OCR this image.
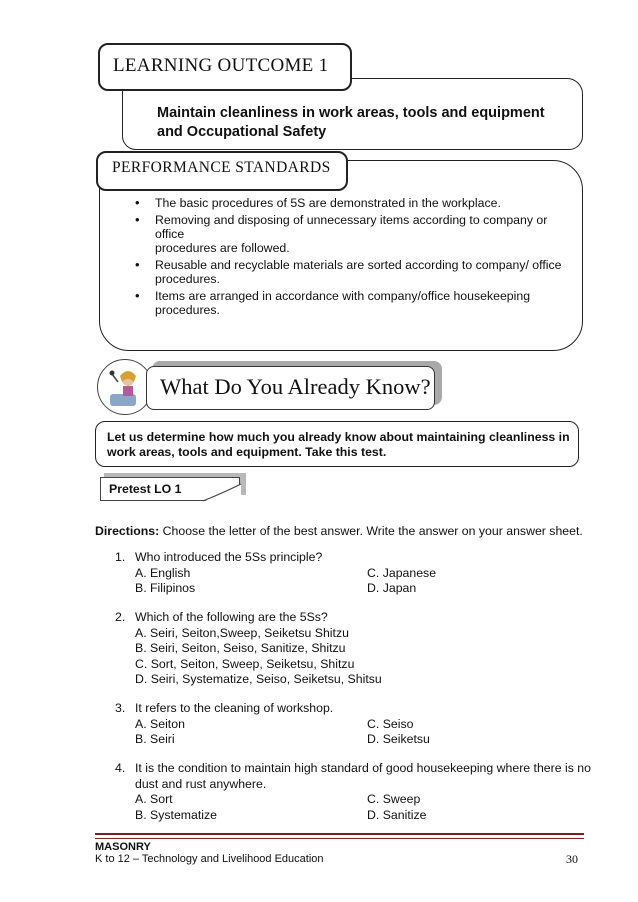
Maintain cleanliness in work areas, tools and equipment
and Occupational Safety
LEARNING OUTCOME 1
PERFORMANCE STANDARDS
• The basic procedures of 5S are demonstrated in the workplace.
• Removing and disposing of unnecessary items according to company or office
procedures are followed.
• Reusable and recyclable materials are sorted according to company/ office
procedures.
• Items are arranged in accordance with company/office housekeeping
procedures.
What Do You Already Know?
Let us determine how much you already know about maintaining cleanliness in
work areas, tools and equipment. Take this test.
Pretest LO 1
Directions: Choose the letter of the best answer. Write the answer on your answer sheet.
1. Who introduced the 5Ss principle?
A. English
B. Filipinos
C. Japanese
D. Japan
2. Which of the following are the 5Ss?
A. Seiri, Seiton,Sweep, Seiketsu Shitzu
B. Seiri, Seiton, Seiso, Sanitize, Shitzu
C. Sort, Seiton, Sweep, Seiketsu, Shitzu
D. Seiri, Systematize, Seiso, Seiketsu, Shitsu
3. It refers to the cleaning of workshop.
A. Seiton
B. Seiri
C. Seiso
D. Seiketsu
4. It is the condition to maintain high standard of good housekeeping where there is no
dust and rust anywhere.
A. Sort
B. Systematize
C. Sweep
D. Sanitize
MASONRY
K to 12 – Technology and Livelihood Education	30
